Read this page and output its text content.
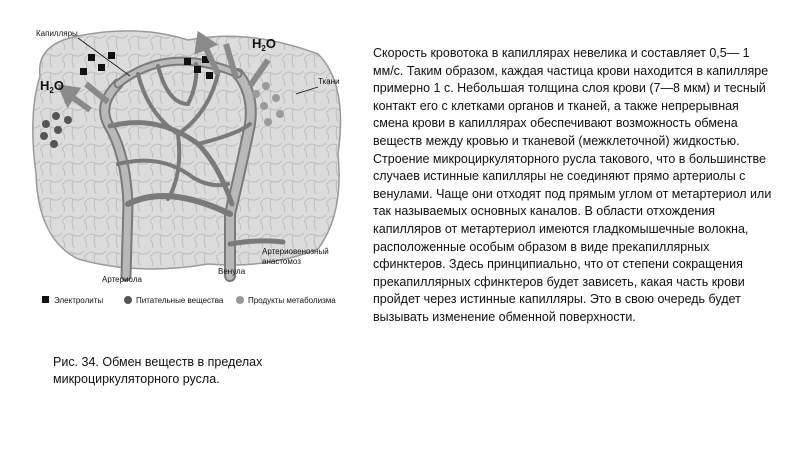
Капилляры
Ткани
$H_2O$
$H_2O$
Артериола
Венула
Артериовенозный
анастомоз
Электролиты	Питательные вещества	Продукты метаболизма
Рис. 34. Обмен веществ в пределах микроциркуляторного русла.
Скорость кровотока в капиллярах невелика и составляет 0,5— 1 мм/с. Таким образом, каждая частица крови находится в капилляре примерно 1 с. Небольшая толщина слоя крови (7—8 мкм) и тесный контакт его с клетками органов и тканей, а также непрерывная смена крови в капиллярах обеспечивают возможность обмена веществ между кровью и тканевой (межклеточной) жидкостью.
Строение микроциркуляторного русла такового, что в большинстве случаев истинные капилляры не соединяют прямо артериолы с венулами. Чаще они отходят под прямым углом от метартериол или так называемых основных каналов. В области отхождения капилляров от метартериол имеются гладкомышечные волокна, расположенные особым образом в виде прекапиллярных сфинктеров. Здесь принципиально, что от степени сокращения прекапиллярных сфинктеров будет зависеть, какая часть крови пройдет через истинные капилляры. Это в свою очередь будет вызывать изменение обменной поверхности.
